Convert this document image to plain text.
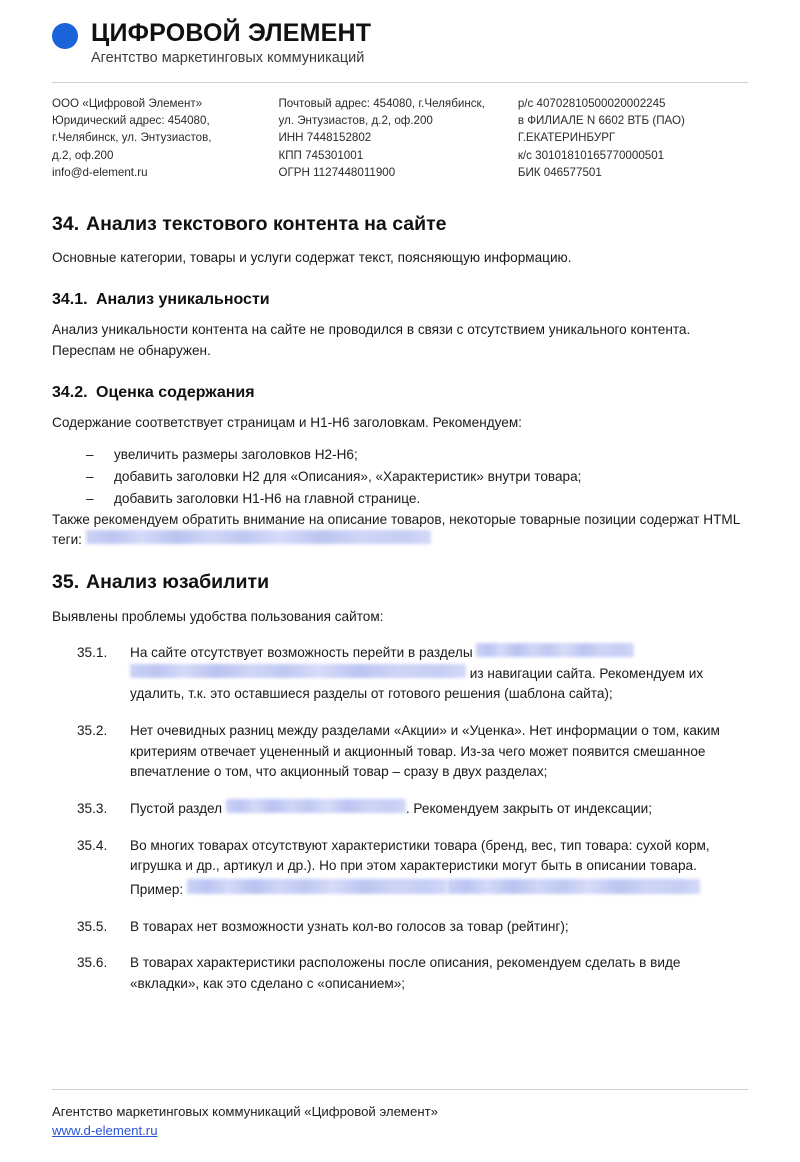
ЦИФРОВОЙ ЭЛЕМЕНТ
Агентство маркетинговых коммуникаций
ООО «Цифровой Элемент»
Юридический адрес: 454080,
г.Челябинск, ул. Энтузиастов,
д.2, оф.200
info@d-element.ru
Почтовый адрес: 454080, г.Челябинск,
ул. Энтузиастов, д.2, оф.200
ИНН 7448152802
КПП 745301001
ОГРН 1127448011900
р/с 40702810500020002245
в ФИЛИАЛЕ N 6602 ВТБ (ПАО)
Г.ЕКАТЕРИНБУРГ
к/с 30101810165770000501
БИК 046577501
34. Анализ текстового контента на сайте

Основные категории, товары и услуги содержат текст, поясняющую информацию.

34.1. Анализ уникальности

Анализ уникальности контента на сайте не проводился в связи с отсутствием уникального контента. Переспам не обнаружен.

34.2. Оценка содержания

Содержание соответствует страницам и H1-H6 заголовкам. Рекомендуем:

– увеличить размеры заголовков H2-H6;
– добавить заголовки H2 для «Описания», «Характеристик» внутри товара;
– добавить заголовки H1-H6 на главной странице.

Также рекомендуем обратить внимание на описание товаров, некоторые товарные позиции содержат HTML теги:

35. Анализ юзабилити

Выявлены проблемы удобства пользования сайтом:

35.1.	На сайте отсутствует возможность перейти в разделы  из навигации сайта. Рекомендуем их удалить, т.к. это оставшиеся разделы от готового решения (шаблона сайта);
35.2.	Нет очевидных разниц между разделами «Акции» и «Уценка». Нет информации о том, каким критериям отвечает уцененный и акционный товар. Из-за чего может появится смешанное впечатление о том, что акционный товар – сразу в двух разделах;
35.3.	Пустой раздел	. Рекомендуем закрыть от индексации;
35.4.	Во многих товарах отсутствуют характеристики товара (бренд, вес, тип товара: сухой корм, игрушка и др., артикул и др.). Но при этом характеристики могут быть в описании товара. Пример:
35.5.	В товарах нет возможности узнать кол-во голосов за товар (рейтинг);
35.6.	В товарах характеристики расположены после описания, рекомендуем сделать в виде «вкладки», как это сделано с «описанием»;
Агентство маркетинговых коммуникаций «Цифровой элемент»
www.d-element.ru
